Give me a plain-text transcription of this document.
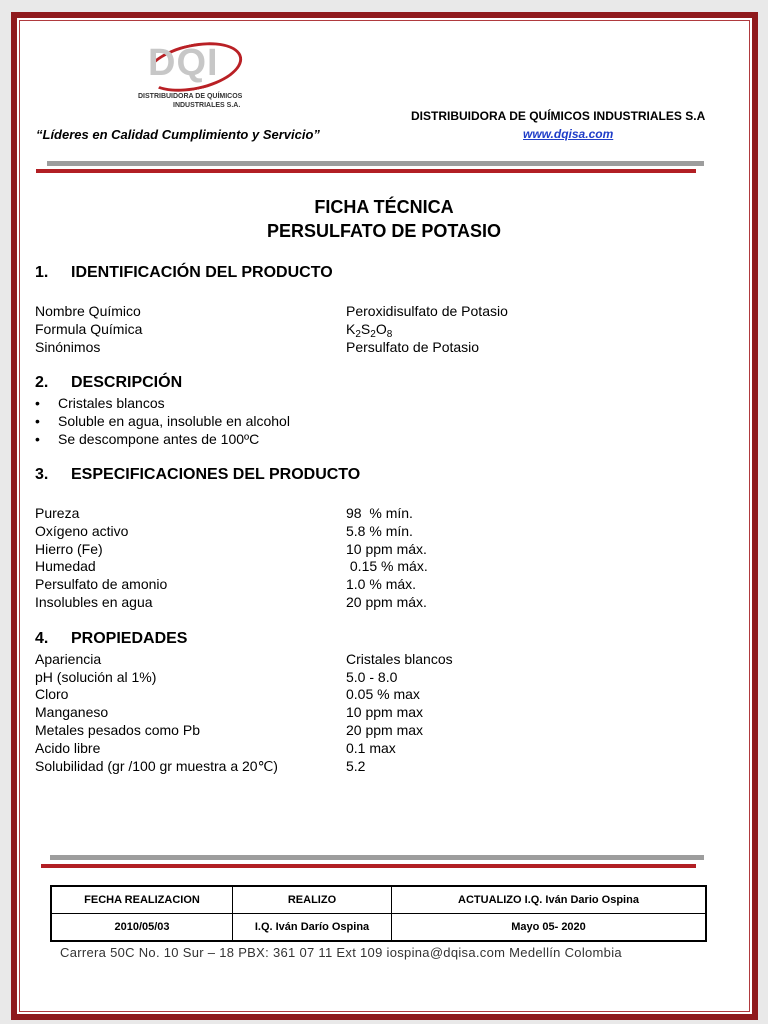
DQI
DISTRIBUIDORA DE QUÍMICOS
INDUSTRIALES S.A.
DISTRIBUIDORA DE QUÍMICOS INDUSTRIALES S.A
www.dqisa.com
“Líderes en Calidad Cumplimiento y Servicio”
FICHA TÉCNICA
PERSULFATO DE POTASIO
1. IDENTIFICACIÓN DEL PRODUCTO
Nombre Químico	Peroxidisulfato de Potasio
Formula Química	$K_2S_2O_8$
Sinónimos	Persulfato de Potasio
2. DESCRIPCIÓN
• Cristales blancos
• Soluble en agua, insoluble en alcohol
• Se descompone antes de 100ºC
3. ESPECIFICACIONES DEL PRODUCTO
Pureza	98  % mín.
Oxígeno activo	5.8 % mín.
Hierro (Fe)	10 ppm máx.
Humedad	0.15 % máx.
Persulfato de amonio	1.0 % máx.
Insolubles en agua	20 ppm máx.
4. PROPIEDADES
Apariencia	Cristales blancos
pH (solución al 1%)	5.0 - 8.0
Cloro	0.05 % max
Manganeso	10 ppm max
Metales pesados como Pb	20 ppm max
Acido libre	0.1 max
Solubilidad (gr /100 gr muestra a 20℃)	5.2
FECHA REALIZACION	REALIZO	ACTUALIZO I.Q. Iván Dario Ospina
2010/05/03	I.Q. Iván Darío Ospina	Mayo 05- 2020
Carrera 50C No. 10 Sur – 18 PBX: 361 07 11 Ext 109 iospina@dqisa.com Medellín Colombia
